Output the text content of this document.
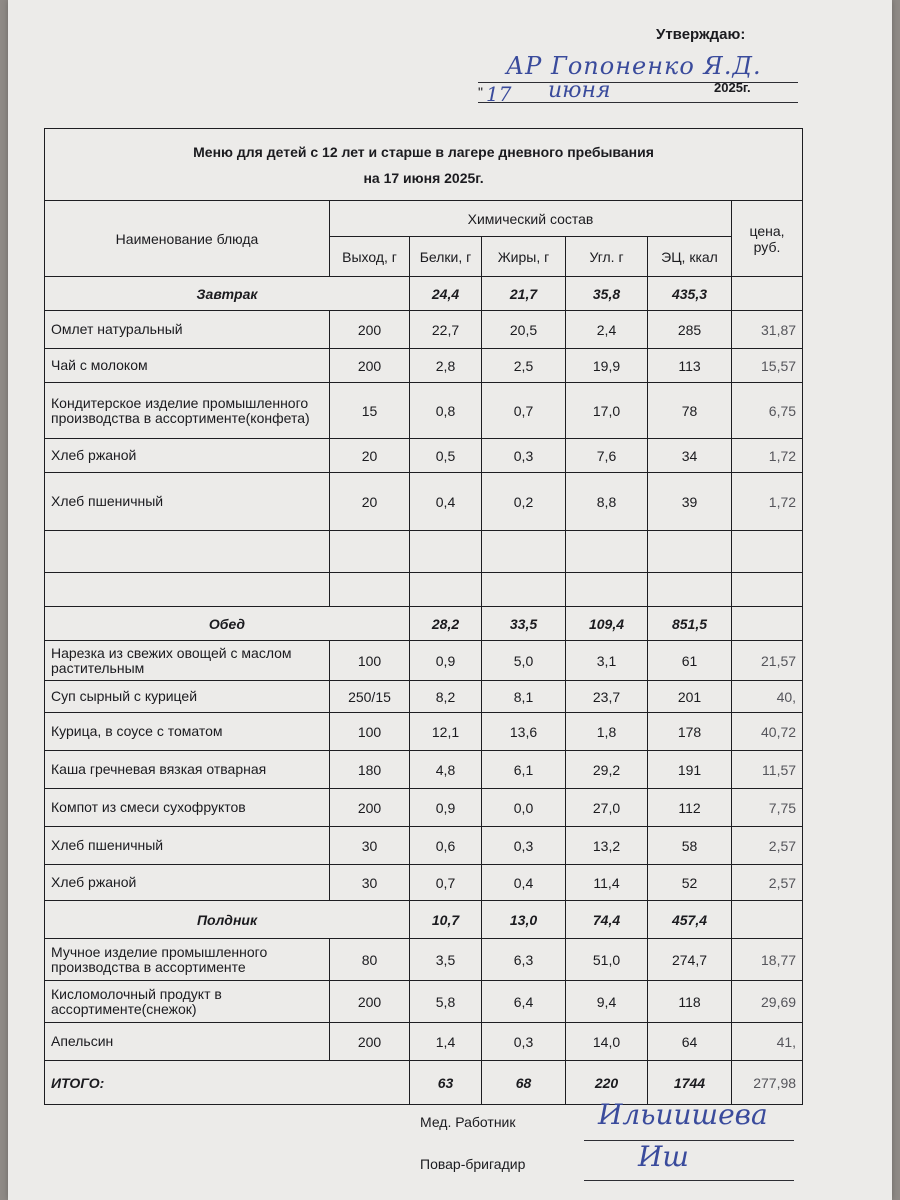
Утверждаю:
АР Гопоненко Я.Д.
" 17 июня	2025г.
Меню для детей с 12 лет и старше в лагере дневного пребывания
на 17 июня 2025г.						

Наименование блюда	Химический состав					цена, руб.
	Выход, г	Белки, г	Жиры, г	Угл. г	ЭЦ, ккал	
Завтрак		24,4	21,7	35,8	435,3	
Омлет натуральный	200	22,7	20,5	2,4	285	31,87
Чай с молоком	200	2,8	2,5	19,9	113	15,57
Кондитерское изделие промышленного производства в ассортименте(конфета)	15	0,8	0,7	17,0	78	6,75
Хлеб ржаной	20	0,5	0,3	7,6	34	1,72
Хлеб пшеничный	20	0,4	0,2	8,8	39	1,72

Обед		28,2	33,5	109,4	851,5	
Нарезка из свежих овощей с маслом растительным	100	0,9	5,0	3,1	61	21,57
Суп сырный с курицей	250/15	8,2	8,1	23,7	201	40,
Курица, в соусе с томатом	100	12,1	13,6	1,8	178	40,72
Каша гречневая вязкая отварная	180	4,8	6,1	29,2	191	11,57
Компот из смеси сухофруктов	200	0,9	0,0	27,0	112	7,75
Хлеб пшеничный	30	0,6	0,3	13,2	58	2,57
Хлеб ржаной	30	0,7	0,4	11,4	52	2,57
Полдник		10,7	13,0	74,4	457,4	
Мучное изделие промышленного производства в ассортименте	80	3,5	6,3	51,0	274,7	18,77
Кисломолочный продукт в ассортименте(снежок)	200	5,8	6,4	9,4	118	29,69
Апельсин	200	1,4	0,3	14,0	64	41,
ИТОГО:		63	68	220	1744	277,98
Мед. Работник	Ильиишева
Повар-бригадир	Иш
